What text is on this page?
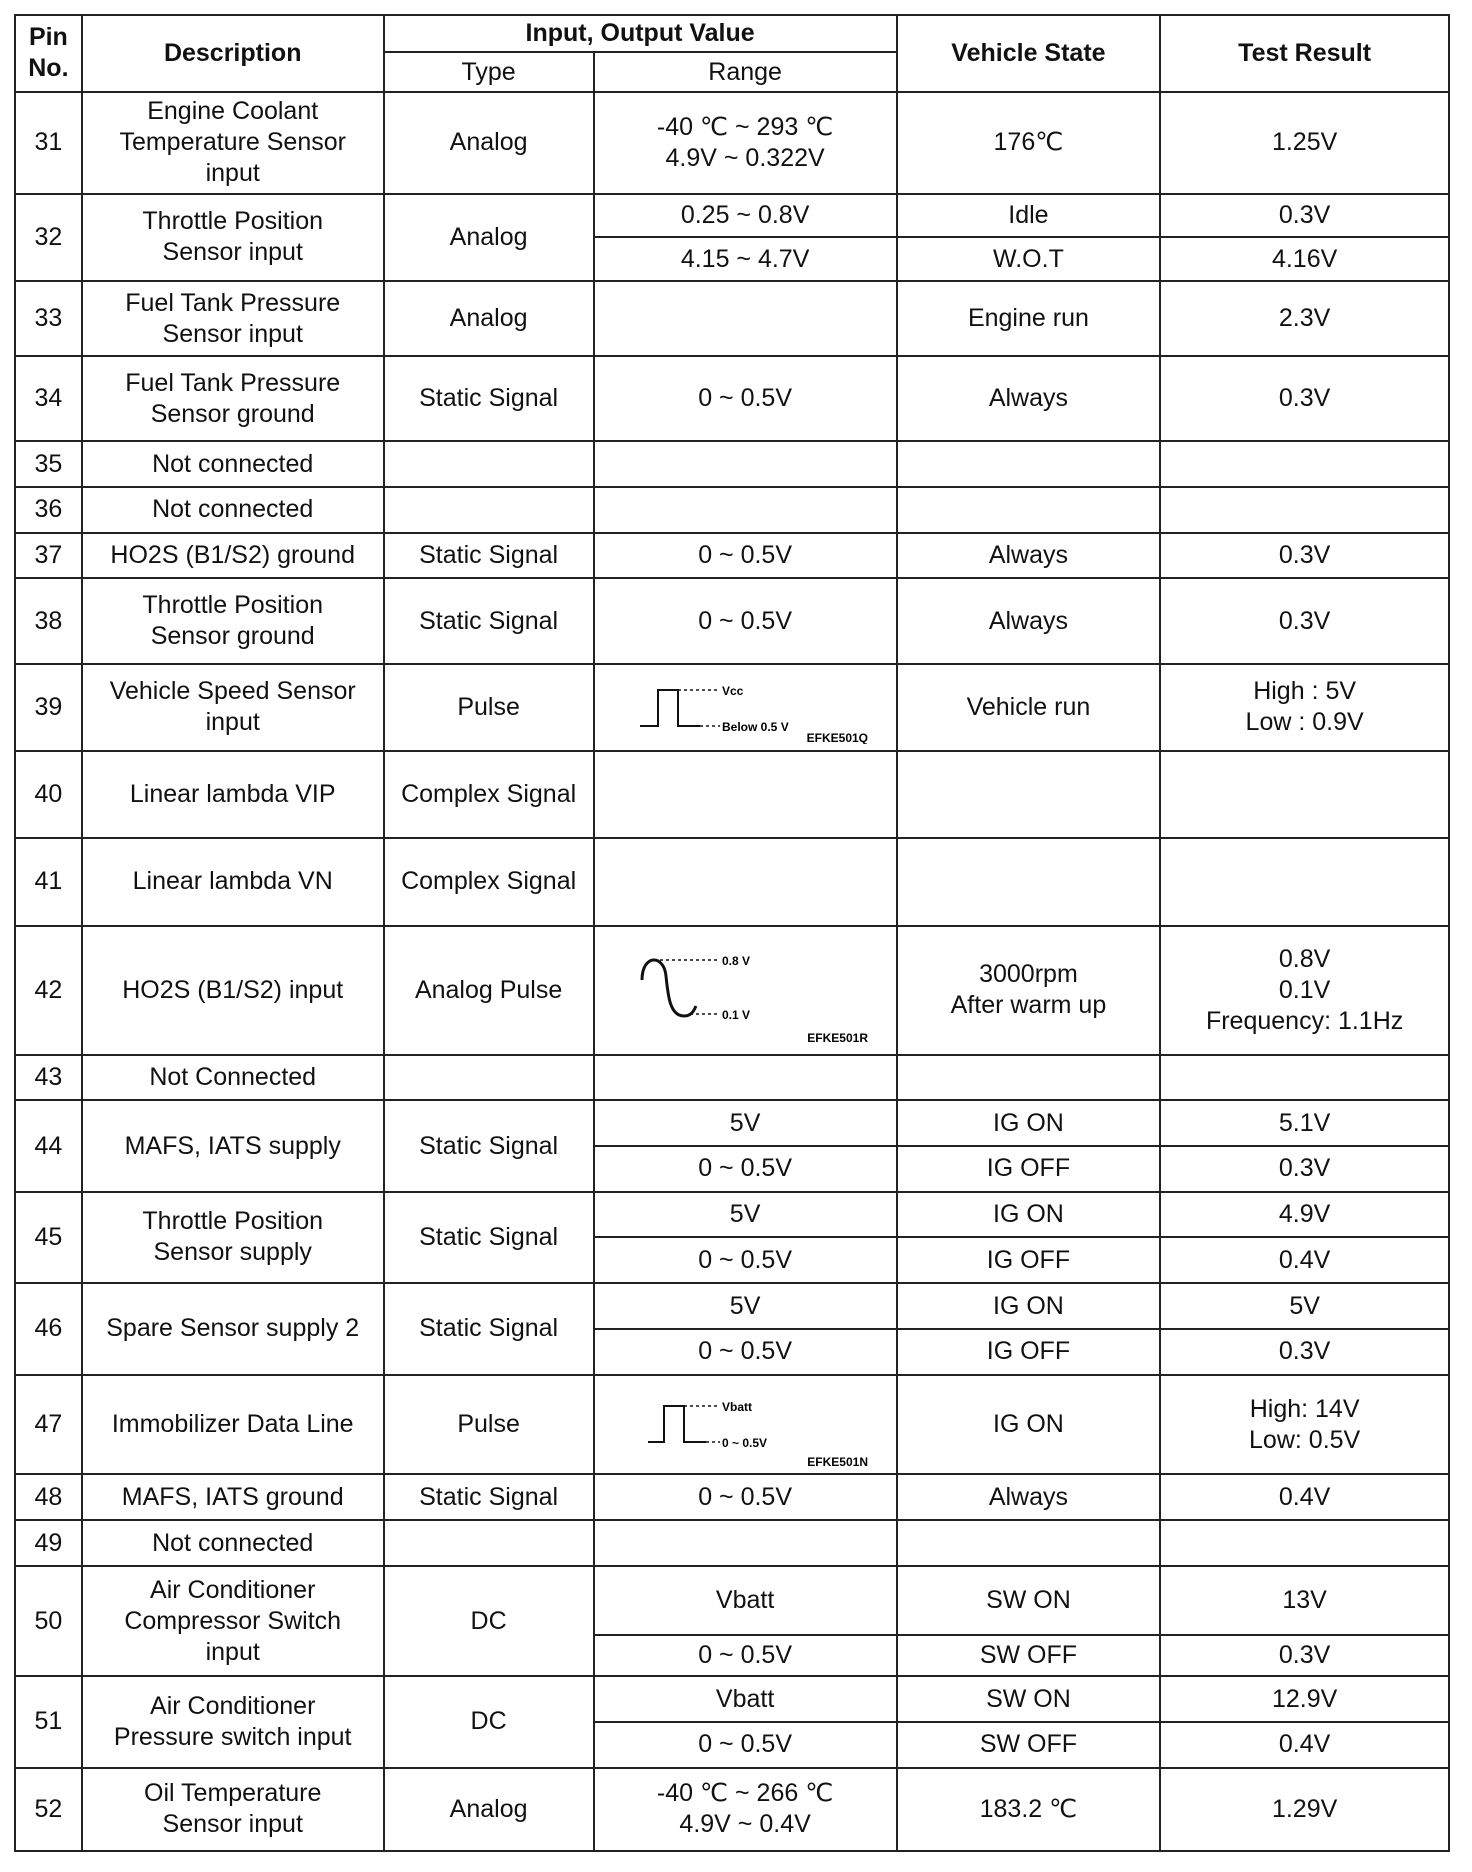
Pin
No.	Description	Input, Output Value		Vehicle State	Test Result
		Type	Range		
31	Engine Coolant
Temperature Sensor
input	Analog	-40 ℃ ~ 293 ℃
4.9V ~ 0.322V	176℃	1.25V
32	Throttle Position
Sensor input	Analog	0.25 ~ 0.8V	Idle	0.3V
			4.15 ~ 4.7V	W.O.T	4.16V
33	Fuel Tank Pressure
Sensor input	Analog		Engine run	2.3V
34	Fuel Tank Pressure
Sensor ground	Static Signal	0 ~ 0.5V	Always	0.3V
35	Not connected				
36	Not connected				
37	HO2S (B1/S2) ground	Static Signal	0 ~ 0.5V	Always	0.3V
38	Throttle Position
Sensor ground	Static Signal	0 ~ 0.5V	Always	0.3V
39	Vehicle Speed Sensor
input	Pulse	Vcc
Below 0.5 V
EFKE501Q	Vehicle run	High : 5V
Low : 0.9V

40	Linear lambda VIP	Complex Signal			
41	Linear lambda VN	Complex Signal			
42	HO2S (B1/S2) input	Analog Pulse	0.8 V
0.1 V
EFKE501R	3000rpm
After warm up	0.8V
0.1V
Frequency: 1.1Hz

43	Not Connected				
44	MAFS, IATS supply	Static Signal	5V	IG ON	5.1V
			0 ~ 0.5V	IG OFF	0.3V
45	Throttle Position
Sensor supply	Static Signal	5V	IG ON	4.9V
			0 ~ 0.5V	IG OFF	0.4V
46	Spare Sensor supply 2	Static Signal	5V	IG ON	5V
			0 ~ 0.5V	IG OFF	0.3V
47	Immobilizer Data Line	Pulse	Vbatt
0 ~ 0.5V
EFKE501N	IG ON	High: 14V
Low: 0.5V

48	MAFS, IATS ground	Static Signal	0 ~ 0.5V	Always	0.4V
49	Not connected				
50	Air Conditioner
Compressor Switch
input	DC	Vbatt	SW ON	13V
			0 ~ 0.5V	SW OFF	0.3V
51	Air Conditioner
Pressure switch input	DC	Vbatt	SW ON	12.9V
			0 ~ 0.5V	SW OFF	0.4V
52	Oil Temperature
Sensor input	Analog	-40 ℃ ~ 266 ℃
4.9V ~ 0.4V	183.2 ℃	1.29V
